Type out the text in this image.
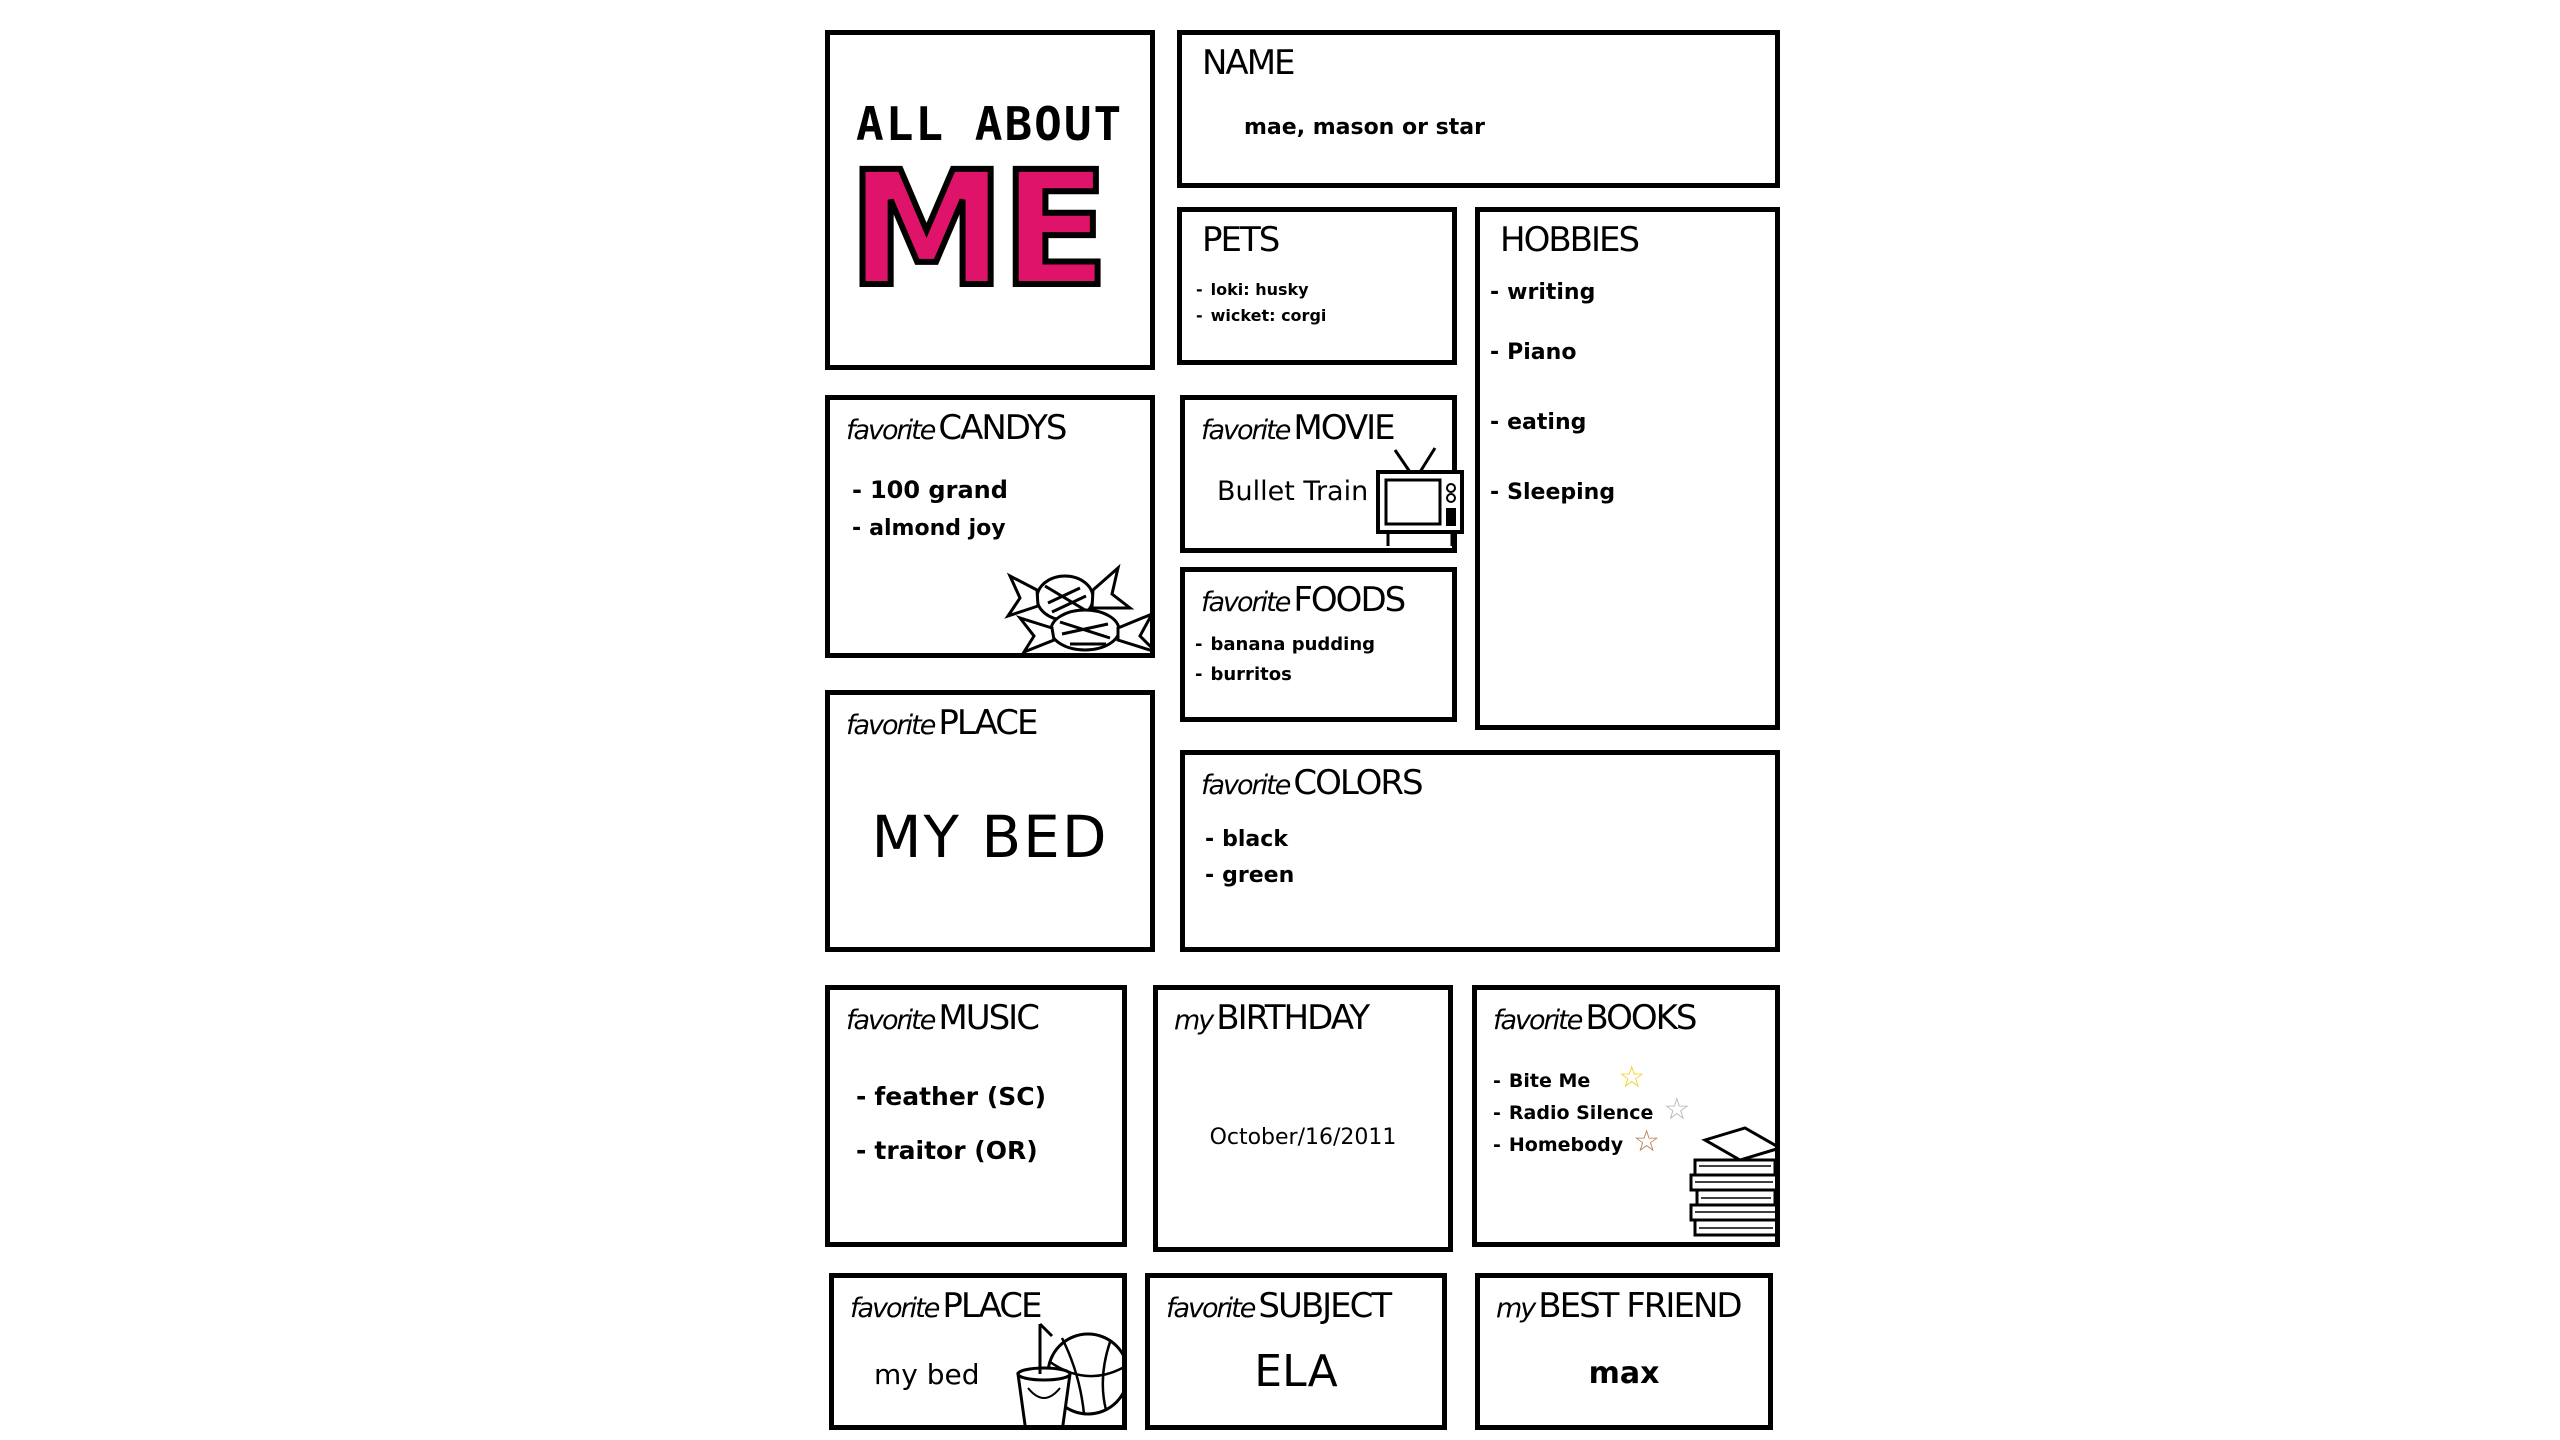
ALL ABOUT
ME
NAME
mae, mason or star
PETS
- loki: husky
- wicket: corgi
HOBBIES
- writing
- Piano
- eating
- Sleeping
favorite CANDYS
- 100 grand
- almond joy
favorite MOVIE
Bullet Train
favorite FOODS
- banana pudding
- burritos
favorite PLACE
MY BED
favorite COLORS
- black
- green
favorite MUSIC
- feather (SC)
- traitor (OR)
my BIRTHDAY
October/16/2011
favorite BOOKS
- Bite Me ☆
- Radio Silence ☆
- Homebody ☆
favorite PLACE
my bed
favorite SUBJECT
ELA
my BEST FRIEND
max
